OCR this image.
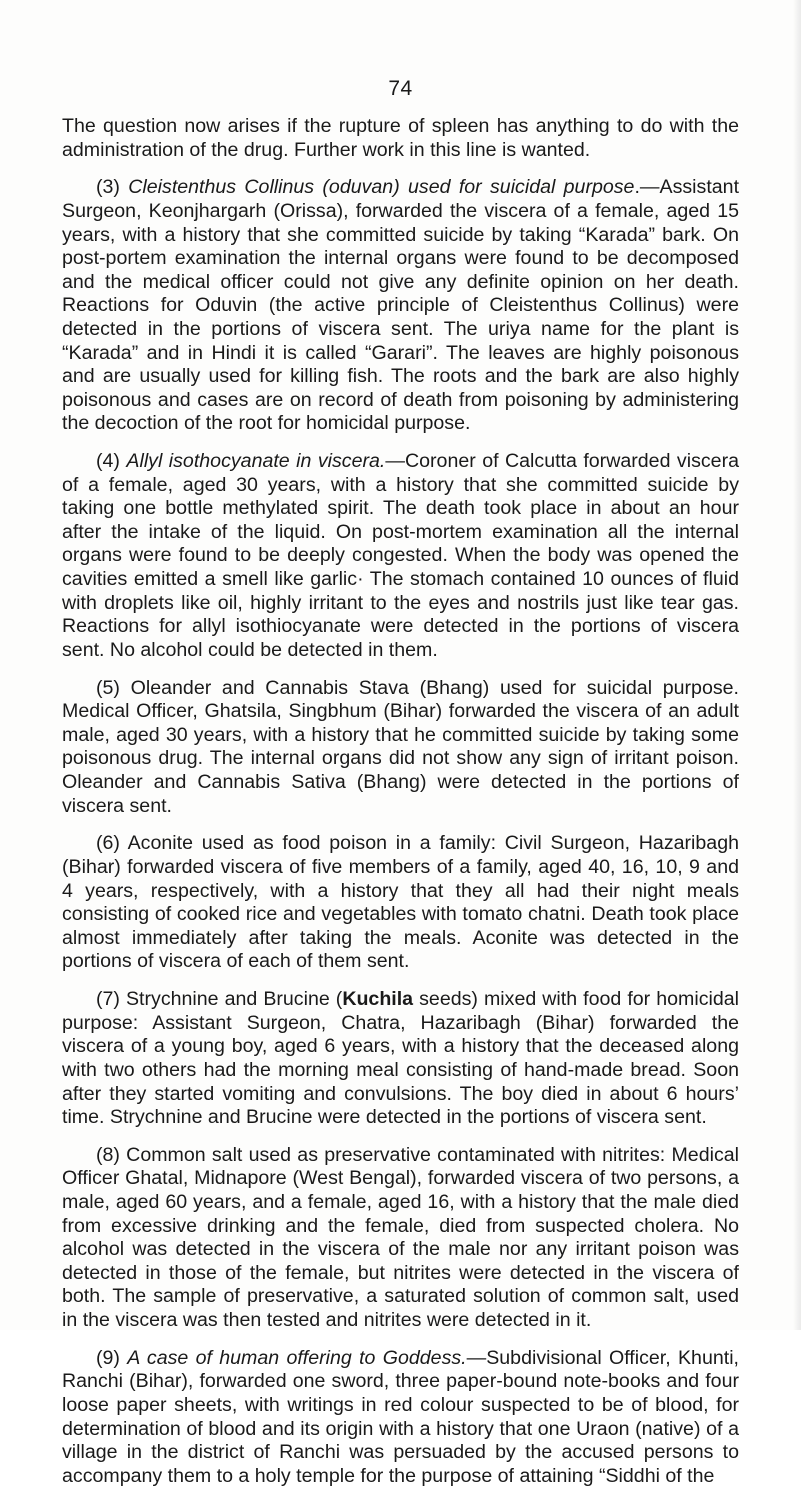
74

The question now arises if the rupture of spleen has anything to do with the administration of the drug. Further work in this line is wanted.

(3) Cleistenthus Collinus (oduvan) used for suicidal purpose.—Assistant Surgeon, Keonjhargarh (Orissa), forwarded the viscera of a female, aged 15 years, with a history that she committed suicide by taking “Karada” bark. On post-portem examination the internal organs were found to be decomposed and the medical officer could not give any definite opinion on her death. Reactions for Oduvin (the active principle of Cleistenthus Collinus) were detected in the portions of viscera sent. The uriya name for the plant is “Karada” and in Hindi it is called “Garari”. The leaves are highly poisonous and are usually used for killing fish. The roots and the bark are also highly poisonous and cases are on record of death from poisoning by administering the decoction of the root for homicidal purpose.

(4) Allyl isothocyanate in viscera.—Coroner of Calcutta forwarded viscera of a female, aged 30 years, with a history that she committed suicide by taking one bottle methylated spirit. The death took place in about an hour after the intake of the liquid. On post-mortem examination all the internal organs were found to be deeply congested. When the body was opened the cavities emitted a smell like garlic· The stomach contained 10 ounces of fluid with droplets like oil, highly irritant to the eyes and nostrils just like tear gas. Reactions for allyl isothiocyanate were detected in the portions of viscera sent. No alcohol could be detected in them.

(5) Oleander and Cannabis Stava (Bhang) used for suicidal purpose. Medical Officer, Ghatsila, Singbhum (Bihar) forwarded the viscera of an adult male, aged 30 years, with a history that he committed suicide by taking some poisonous drug. The internal organs did not show any sign of irritant poison. Oleander and Cannabis Sativa (Bhang) were detected in the portions of viscera sent.

(6) Aconite used as food poison in a family: Civil Surgeon, Hazaribagh (Bihar) forwarded viscera of five members of a family, aged 40, 16, 10, 9 and 4 years, respectively, with a history that they all had their night meals consisting of cooked rice and vegetables with tomato chatni. Death took place almost immediately after taking the meals. Aconite was detected in the portions of viscera of each of them sent.

(7) Strychnine and Brucine (Kuchila seeds) mixed with food for homicidal purpose: Assistant Surgeon, Chatra, Hazaribagh (Bihar) forwarded the viscera of a young boy, aged 6 years, with a history that the deceased along with two others had the morning meal consisting of hand-made bread. Soon after they started vomiting and convulsions. The boy died in about 6 hours’ time. Strychnine and Brucine were detected in the portions of viscera sent.

(8) Common salt used as preservative contaminated with nitrites: Medical Officer Ghatal, Midnapore (West Bengal), forwarded viscera of two persons, a male, aged 60 years, and a female, aged 16, with a history that the male died from excessive drinking and the female, died from suspected cholera. No alcohol was detected in the viscera of the male nor any irritant poison was detected in those of the female, but nitrites were detected in the viscera of both. The sample of preservative, a saturated solution of common salt, used in the viscera was then tested and nitrites were detected in it.

(9) A case of human offering to Goddess.—Subdivisional Officer, Khunti, Ranchi (Bihar), forwarded one sword, three paper-bound note-books and four loose paper sheets, with writings in red colour suspected to be of blood, for determination of blood and its origin with a history that one Uraon (native) of a village in the district of Ranchi was persuaded by the accused persons to accompany them to a holy temple for the purpose of attaining “Siddhi of the
